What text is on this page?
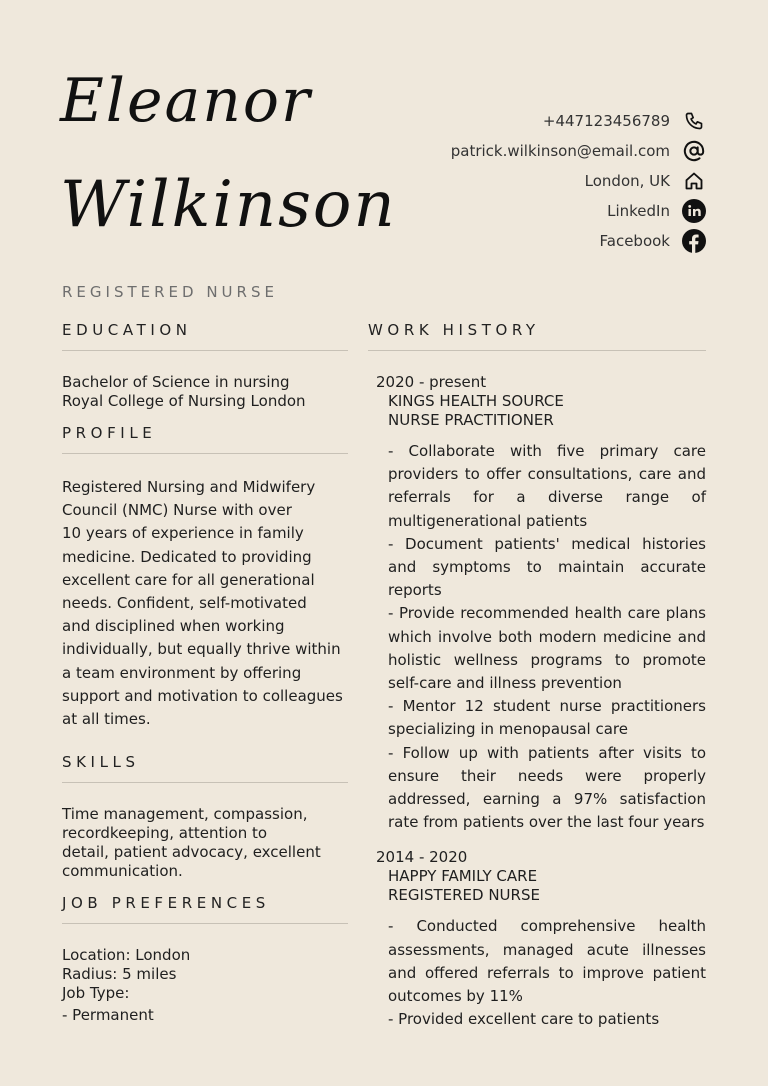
Eleanor
Wilkinson
+447123456789
patrick.wilkinson@email.com
London, UK
LinkedIn
Facebook
REGISTERED NURSE
EDUCATION
Bachelor of Science in nursing
Royal College of Nursing London
PROFILE
Registered Nursing and Midwifery
Council (NMC) Nurse with over
10 years of experience in family
medicine. Dedicated to providing
excellent care for all generational
needs. Confident, self-motivated
and disciplined when working
individually, but equally thrive within
a team environment by offering
support and motivation to colleagues
at all times.
SKILLS
Time management, compassion,
recordkeeping, attention to
detail, patient advocacy, excellent
communication.
JOB PREFERENCES
Location: London
Radius: 5 miles
Job Type:
- Permanent
WORK HISTORY
2020 - present
KINGS HEALTH SOURCE
NURSE PRACTITIONER
- Collaborate with five primary care providers to offer consultations, care and referrals for a diverse range of multigenerational patients
- Document patients' medical histories and symptoms to maintain accurate reports
- Provide recommended health care plans which involve both modern medicine and holistic wellness programs to promote self-care and illness prevention
- Mentor 12 student nurse practitioners specializing in menopausal care
- Follow up with patients after visits to ensure their needs were properly addressed, earning a 97% satisfaction rate from patients over the last four years
2014 - 2020
HAPPY FAMILY CARE
REGISTERED NURSE
- Conducted comprehensive health assessments, managed acute illnesses and offered referrals to improve patient outcomes by 11%
- Provided excellent care to patients
